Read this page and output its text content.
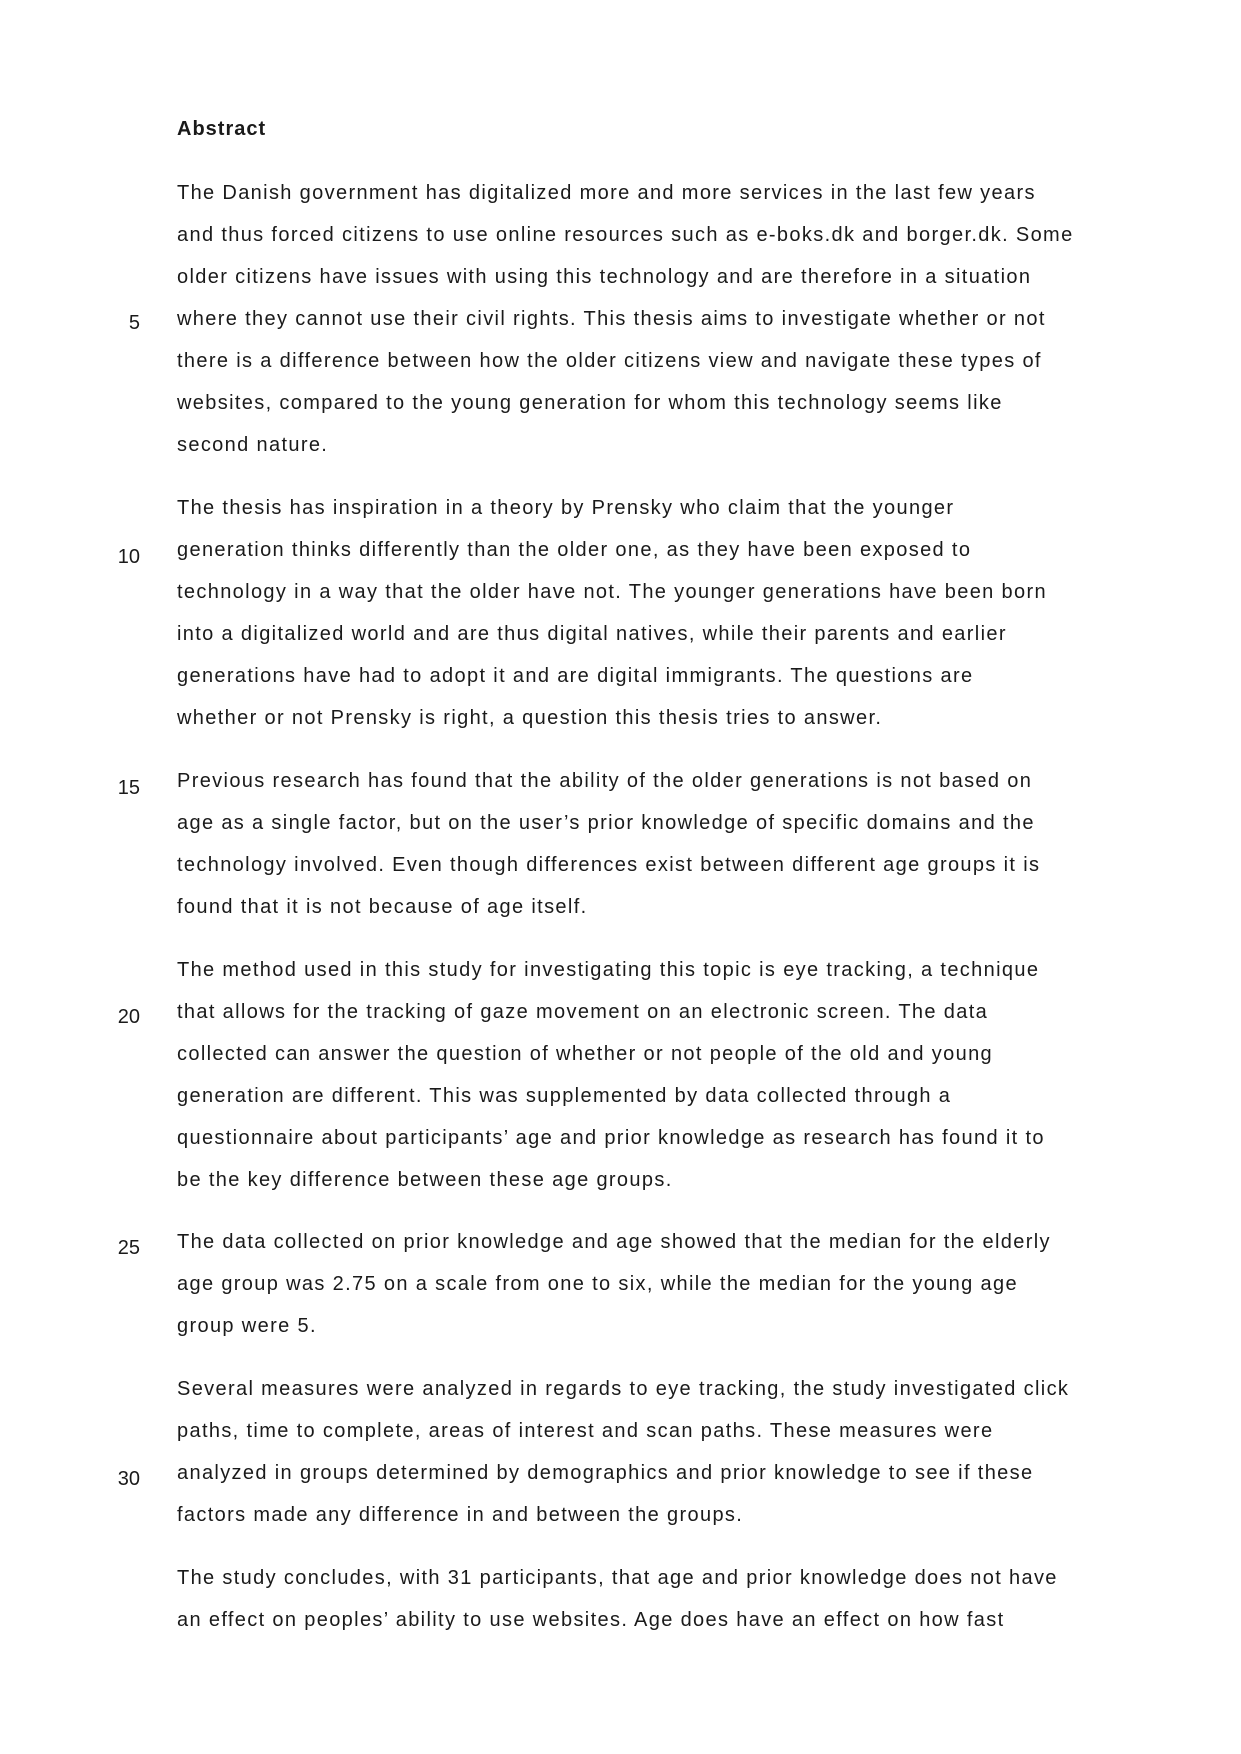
Abstract
5
10
15
20
25
30
The Danish government has digitalized more and more services in the last few years
and thus forced citizens to use online resources such as e-boks.dk and borger.dk. Some
older citizens have issues with using this technology and are therefore in a situation
where they cannot use their civil rights. This thesis aims to investigate whether or not
there is a difference between how the older citizens view and navigate these types of
websites, compared to the young generation for whom this technology seems like
second nature.
The thesis has inspiration in a theory by Prensky who claim that the younger
generation thinks differently than the older one, as they have been exposed to
technology in a way that the older have not. The younger generations have been born
into a digitalized world and are thus digital natives, while their parents and earlier
generations have had to adopt it and are digital immigrants. The questions are
whether or not Prensky is right, a question this thesis tries to answer.
Previous research has found that the ability of the older generations is not based on
age as a single factor, but on the user’s prior knowledge of specific domains and the
technology involved. Even though differences exist between different age groups it is
found that it is not because of age itself.
The method used in this study for investigating this topic is eye tracking, a technique
that allows for the tracking of gaze movement on an electronic screen. The data
collected can answer the question of whether or not people of the old and young
generation are different. This was supplemented by data collected through a
questionnaire about participants’ age and prior knowledge as research has found it to
be the key difference between these age groups.
The data collected on prior knowledge and age showed that the median for the elderly
age group was 2.75 on a scale from one to six, while the median for the young age
group were 5.
Several measures were analyzed in regards to eye tracking, the study investigated click
paths, time to complete, areas of interest and scan paths. These measures were
analyzed in groups determined by demographics and prior knowledge to see if these
factors made any difference in and between the groups.
The study concludes, with 31 participants, that age and prior knowledge does not have
an effect on peoples’ ability to use websites. Age does have an effect on how fast
